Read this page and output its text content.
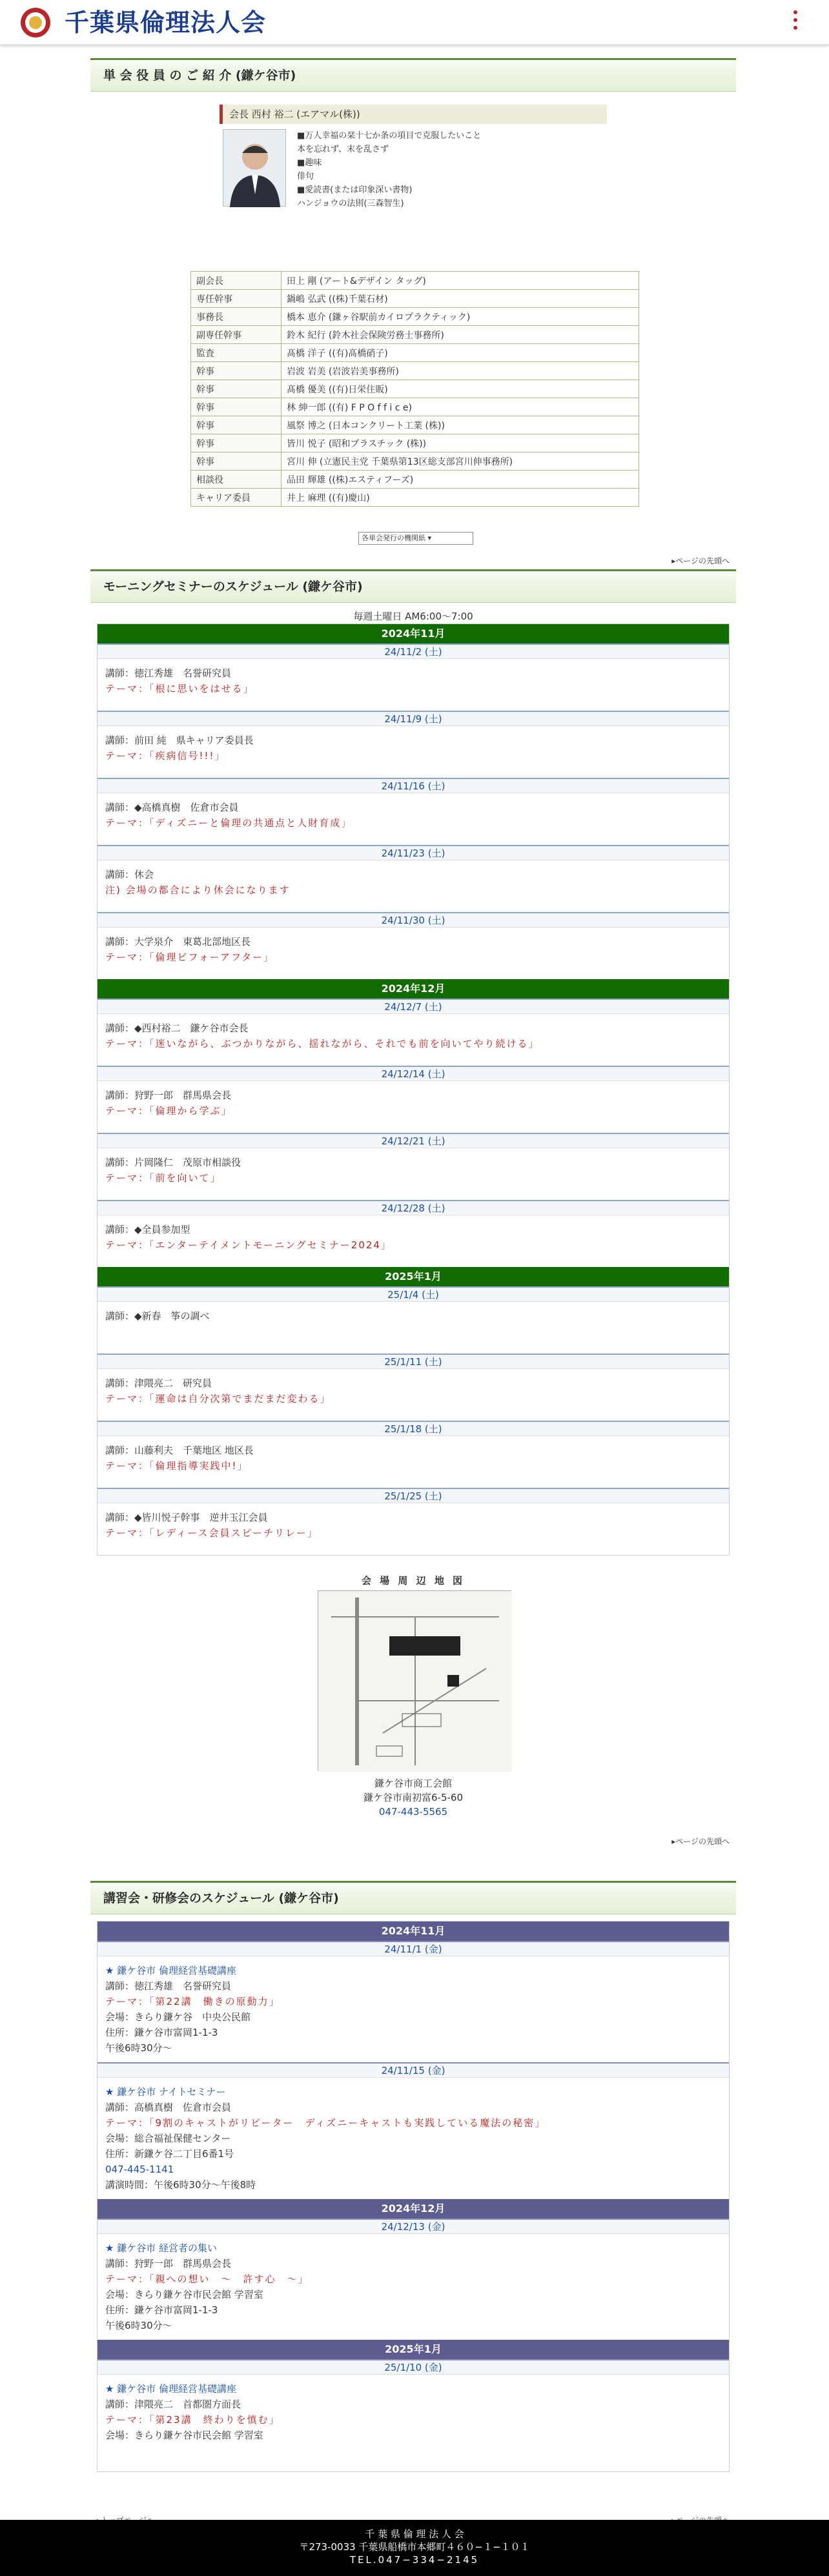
千葉県倫理法人会
単 会 役 員 の ご 紹 介 (鎌ケ谷市)
会長 西村 裕二 (エアマル(株))
■万人幸福の栞十七か条の項目で克服したいこと
本を忘れず、末を乱さず
■趣味
俳句
■愛読書(または印象深い書物)
ハンジョウの法則(三森智生)
副会長	田上 剛 (アート&デザイン タッグ)
専任幹事	鍋嶋 弘武 ((株)千葉石材)
事務長	橋本 恵介 (鎌ヶ谷駅前カイロプラクティック)
副専任幹事	鈴木 紀行 (鈴木社会保険労務士事務所)
監査	髙橋 洋子 ((有)髙橋硝子)
幹事	岩波 岩美 (岩波岩美事務所)
幹事	髙橋 優美 ((有)日栄住販)
幹事	林 紳一郎 ((有) F P O f f i c e)
幹事	風祭 博之 (日本コンクリート工業 (株))
幹事	皆川 悦子 (昭和プラスチック (株))
幹事	宮川 伸 (立憲民主党 千葉県第13区総支部宮川伸事務所)
相談役	品田 輝雄 ((株)エスティフーズ)
キャリア委員	井上 麻理 ((有)慶山)
各単会発行の機関紙 ▾
▸ページの先頭へ
モーニングセミナーのスケジュール (鎌ケ谷市)
毎週土曜日 AM6:00〜7:00
2024年11月
24/11/2 (土)
講師：徳江秀雄　名誉研究員
テーマ：「根に思いをはせる」
24/11/9 (土)
講師：前田 純　県キャリア委員長
テーマ：「疾病信号!!!」
24/11/16 (土)
講師：◆高橋真樹　佐倉市会員
テーマ：「ディズニーと倫理の共通点と人財育成」
24/11/23 (土)
講師：休会
注) 会場の都合により休会になります
24/11/30 (土)
講師：大学泉介　東葛北部地区長
テーマ：「倫理ビフォーアフター」
2024年12月
24/12/7 (土)
講師：◆西村裕二　鎌ケ谷市会長
テーマ：「迷いながら、ぶつかりながら、揺れながら、それでも前を向いてやり続ける」
24/12/14 (土)
講師：狩野一郎　群馬県会長
テーマ：「倫理から学ぶ」
24/12/21 (土)
講師：片岡隆仁　茂原市相談役
テーマ：「前を向いて」
24/12/28 (土)
講師：◆全員参加型
テーマ：「エンターテイメントモーニングセミナー2024」
2025年1月
25/1/4 (土)
講師：◆新春　筝の調べ
25/1/11 (土)
講師：津隈亮二　研究員
テーマ：「運命は自分次第でまだまだ変わる」
25/1/18 (土)
講師：山藤利夫　千葉地区 地区長
テーマ：「倫理指導実践中!」
25/1/25 (土)
講師：◆皆川悦子幹事　逆井玉江会員
テーマ：「レディース会員スピーチリレー」
会 場 周 辺 地 図
鎌ケ谷市商工会館
鎌ケ谷市南初富6-5-60
047-443-5565
▸ページの先頭へ
講習会・研修会のスケジュール (鎌ケ谷市)
2024年11月
24/11/1 (金)
★ 鎌ケ谷市 倫理経営基礎講座
講師：徳江秀雄　名誉研究員
テーマ：「第22講　働きの原動力」
会場：きらり鎌ケ谷　中央公民館
住所：鎌ケ谷市富岡1-1-3
午後6時30分〜
24/11/15 (金)
★ 鎌ケ谷市 ナイトセミナー
講師：高橋真樹　佐倉市会員
テーマ：「9割のキャストがリピーター　ディズニーキャストも実践している魔法の秘密」
会場：総合福祉保健センター
住所：新鎌ケ谷二丁目6番1号
047-445-1141
講演時間：午後6時30分〜午後8時
2024年12月
24/12/13 (金)
★ 鎌ケ谷市 経営者の集い
講師：狩野一郎　群馬県会長
テーマ：「親への想い　〜　許す心　〜」
会場：きらり鎌ケ谷市民会館 学習室
住所：鎌ケ谷市富岡1-1-3
午後6時30分〜
2025年1月
25/1/10 (金)
★ 鎌ケ谷市 倫理経営基礎講座
講師：津隈亮二　首都圏方面長
テーマ：「第23講　終わりを慎む」
会場：きらり鎌ケ谷市民会館 学習室
千 葉 県 倫 理 法 人 会
〒273-0033 千葉県船橋市本郷町４６０−１−１０１
TEL.047−334−2145
